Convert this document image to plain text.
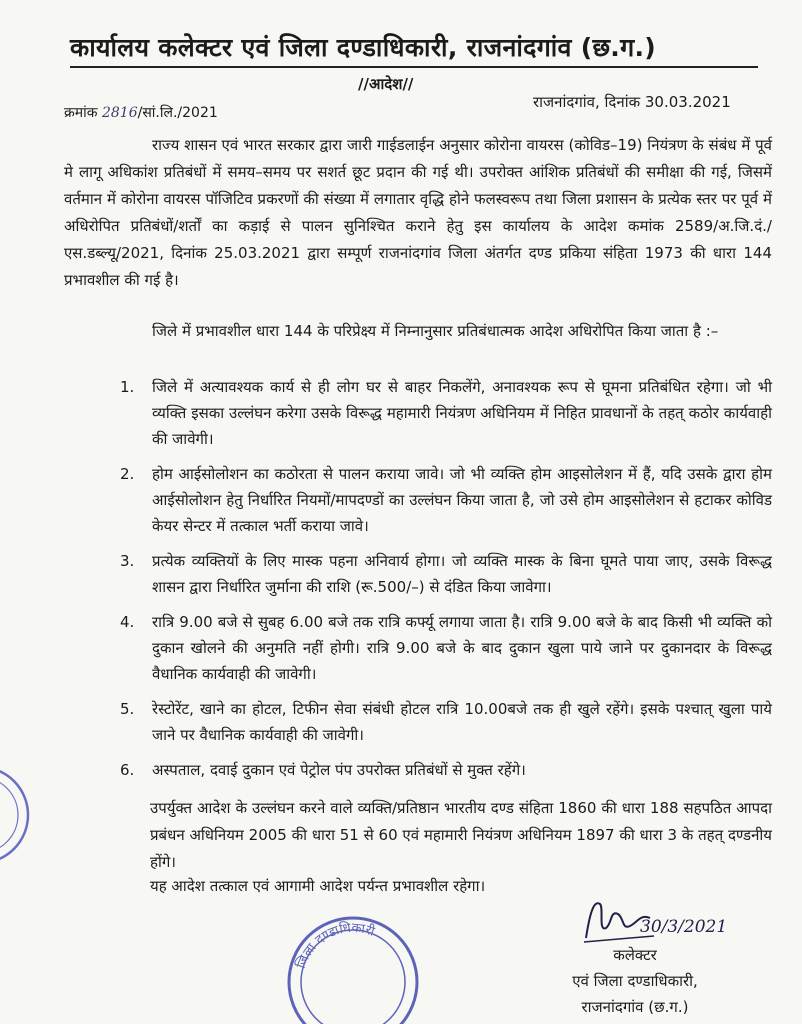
कार्यालय कलेक्टर एवं जिला दण्डाधिकारी, राजनांदगांव (छ.ग.)
//आदेश//
क्रमांक 2816/सां.लि./2021
राजनांदगांव, दिनांक 30.03.2021

राज्य शासन एवं भारत सरकार द्वारा जारी गाईडलाईन अनुसार कोरोना वायरस (कोविड–19) नियंत्रण के संबंध में पूर्व मे लागू अधिकांश प्रतिबंधों में समय–समय पर सशर्त छूट प्रदान की गई थी। उपरोक्त आंशिक प्रतिबंधों की समीक्षा की गई, जिसमें वर्तमान में कोरोना वायरस पॉजिटिव प्रकरणों की संख्या में लगातार वृद्धि होने फलस्वरूप तथा जिला प्रशासन के प्रत्येक स्तर पर पूर्व में अधिरोपित प्रतिबंधों/शर्तों का कड़ाई से पालन सुनिश्चित कराने हेतु इस कार्यालय के आदेश कमांक 2589/अ.जि.दं./एस.डब्ल्यू/2021, दिनांक 25.03.2021 द्वारा सम्पूर्ण राजनांदगांव जिला अंतर्गत दण्ड प्रकिया संहिता 1973 की धारा 144 प्रभावशील की गई है।

जिले में प्रभावशील धारा 144 के परिप्रेक्ष्य में निम्नानुसार प्रतिबंधात्मक आदेश अधिरोपित किया जाता है :–

1. जिले में अत्यावश्यक कार्य से ही लोग घर से बाहर निकलेंगे, अनावश्यक रूप से घूमना प्रतिबंधित रहेगा। जो भी व्यक्ति इसका उल्लंघन करेगा उसके विरूद्ध महामारी नियंत्रण अधिनियम में निहित प्रावधानों के तहत् कठोर कार्यवाही की जावेगी।
2. होम आईसोलोशन का कठोरता से पालन कराया जावे। जो भी व्यक्ति होम आइसोलेशन में हैं, यदि उसके द्वारा होम आईसोलोशन हेतु निर्धारित नियमों/मापदण्डों का उल्लंघन किया जाता है, जो उसे होम आइसोलेशन से हटाकर कोविड केयर सेन्टर में तत्काल भर्ती कराया जावे।
3. प्रत्येक व्यक्तियों के लिए मास्क पहना अनिवार्य होगा। जो व्यक्ति मास्क के बिना घूमते पाया जाए, उसके विरूद्ध शासन द्वारा निर्धारित जुर्माना की राशि (रू.500/–) से दंडित किया जावेगा।
4. रात्रि 9.00 बजे से सुबह 6.00 बजे तक रात्रि कर्फ्यू लगाया जाता है। रात्रि 9.00 बजे के बाद किसी भी व्यक्ति को दुकान खोलने की अनुमति नहीं होगी। रात्रि 9.00 बजे के बाद दुकान खुला पाये जाने पर दुकानदार के विरूद्ध वैधानिक कार्यवाही की जावेगी।
5. रेस्टोरेंट, खाने का होटल, टिफीन सेवा संबंधी होटल रात्रि 10.00बजे तक ही खुले रहेंगे। इसके पश्चात् खुला पाये जाने पर वैधानिक कार्यवाही की जावेगी।
6. अस्पताल, दवाई दुकान एवं पेट्रोल पंप उपरोक्त प्रतिबंधों से मुक्त रहेंगे।

उपर्युक्त आदेश के उल्लंघन करने वाले व्यक्ति/प्रतिष्ठान भारतीय दण्ड संहिता 1860 की धारा 188 सहपठित आपदा प्रबंधन अधिनियम 2005 की धारा 51 से 60 एवं महामारी नियंत्रण अधिनियम 1897 की धारा 3 के तहत् दण्डनीय होंगे।

यह आदेश तत्काल एवं आगामी आदेश पर्यन्त प्रभावशील रहेगा।
30/3/2021
कलेक्टर
एवं जिला दण्डाधिकारी,
राजनांदगांव (छ.ग.)
जिला दण्डाधिकारी
